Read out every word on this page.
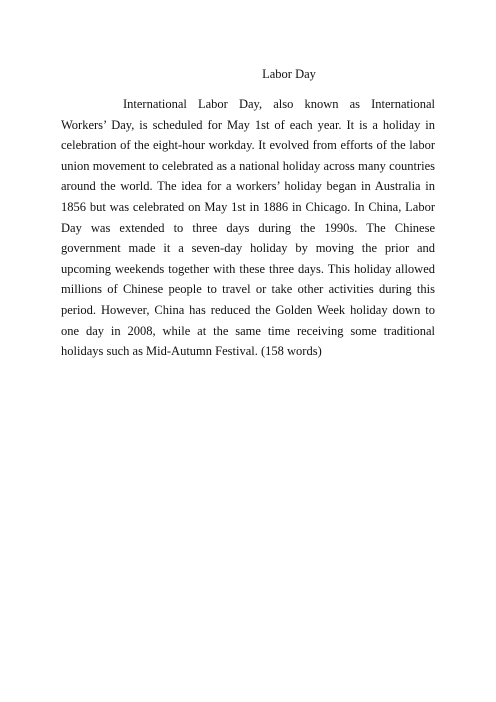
Labor Day

International Labor Day, also known as International Workers’ Day, is scheduled for May 1st of each year. It is a holiday in celebration of the eight-hour workday. It evolved from efforts of the labor union movement to celebrated as a national holiday across many countries around the world. The idea for a workers’ holiday began in Australia in 1856 but was celebrated on May 1st in 1886 in Chicago. In China, Labor Day was extended to three days during the 1990s. The Chinese government made it a seven-day holiday by moving the prior and upcoming weekends together with these three days. This holiday allowed millions of Chinese people to travel or take other activities during this period. However, China has reduced the Golden Week holiday down to one day in 2008, while at the same time receiving some traditional holidays such as Mid-Autumn Festival. (158 words)
